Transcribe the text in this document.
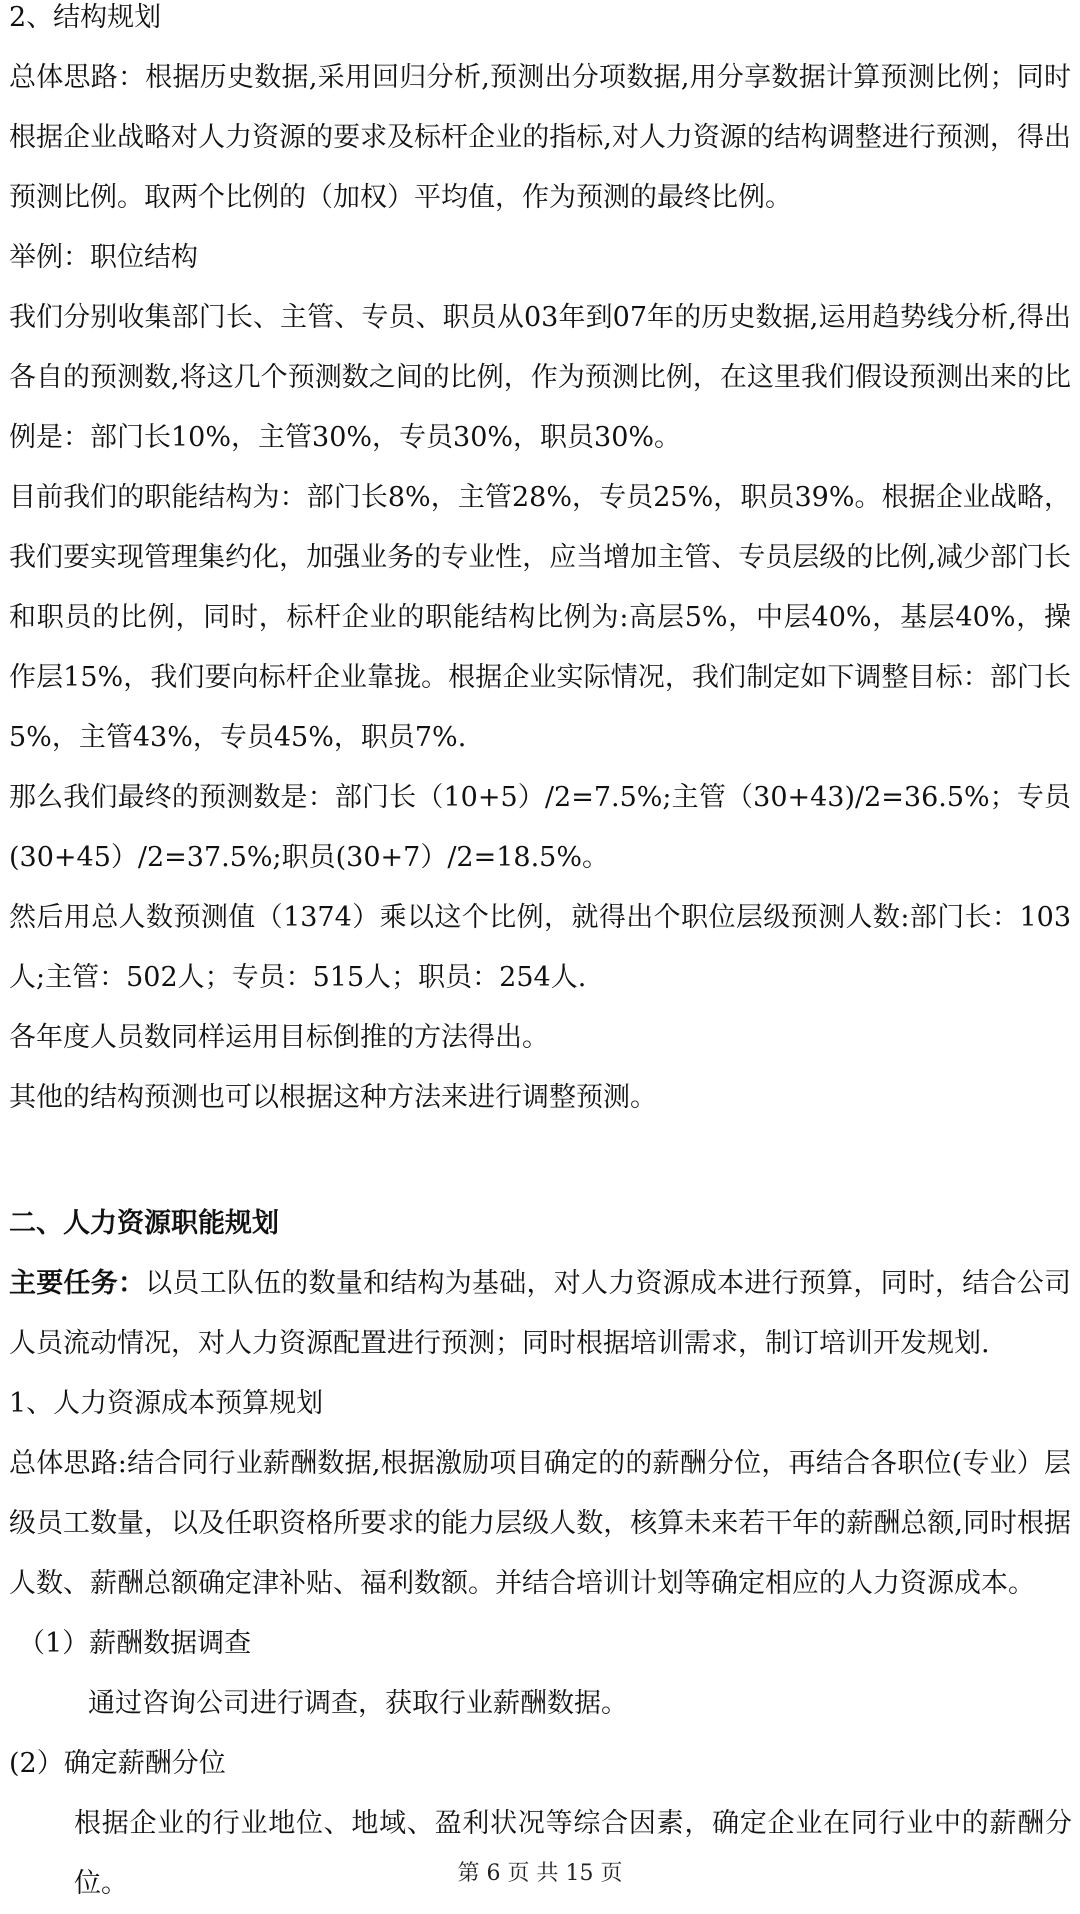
2、结构规划

总体思路：根据历史数据,采用回归分析,预测出分项数据,用分享数据计算预测比例；同时根据企业战略对人力资源的要求及标杆企业的指标,对人力资源的结构调整进行预测，得出预测比例。取两个比例的（加权）平均值，作为预测的最终比例。

举例：职位结构

我们分别收集部门长、主管、专员、职员从03年到07年的历史数据,运用趋势线分析,得出各自的预测数,将这几个预测数之间的比例，作为预测比例，在这里我们假设预测出来的比例是：部门长10%，主管30%，专员30%，职员30%。

目前我们的职能结构为：部门长8%，主管28%，专员25%，职员39%。根据企业战略，我们要实现管理集约化，加强业务的专业性，应当增加主管、专员层级的比例,减少部门长和职员的比例，同时，标杆企业的职能结构比例为:高层5%，中层40%，基层40%，操作层15%，我们要向标杆企业靠拢。根据企业实际情况，我们制定如下调整目标：部门长5%，主管43%，专员45%，职员7%.

那么我们最终的预测数是：部门长（10+5）/2=7.5%;主管（30+43)/2=36.5%；专员(30+45）/2=37.5%;职员(30+7）/2=18.5%。

然后用总人数预测值（1374）乘以这个比例，就得出个职位层级预测人数:部门长：103 人;主管：502人；专员：515人；职员：254人.

各年度人员数同样运用目标倒推的方法得出。

其他的结构预测也可以根据这种方法来进行调整预测。

二、人力资源职能规划

主要任务：以员工队伍的数量和结构为基础，对人力资源成本进行预算，同时，结合公司人员流动情况，对人力资源配置进行预测；同时根据培训需求，制订培训开发规划.

1、人力资源成本预算规划

总体思路:结合同行业薪酬数据,根据激励项目确定的的薪酬分位，再结合各职位(专业）层级员工数量，以及任职资格所要求的能力层级人数，核算未来若干年的薪酬总额,同时根据人数、薪酬总额确定津补贴、福利数额。并结合培训计划等确定相应的人力资源成本。

（1）薪酬数据调查

通过咨询公司进行调查，获取行业薪酬数据。

(2）确定薪酬分位

根据企业的行业地位、地域、盈利状况等综合因素，确定企业在同行业中的薪酬分位。	第 6 页 共 15 页
